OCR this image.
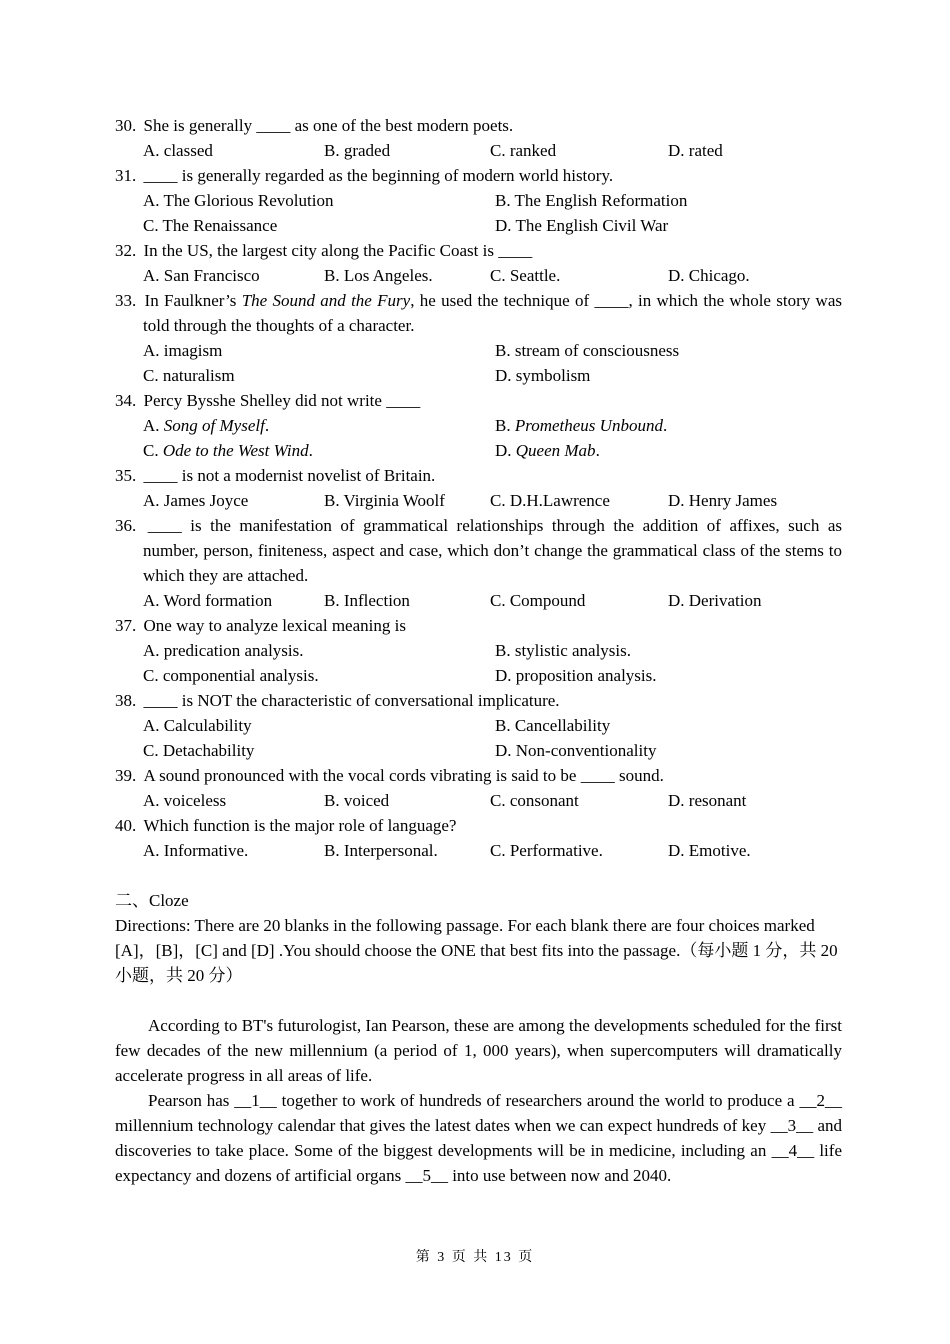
30. She is generally ____ as one of the best modern poets.
A. classed	B. graded	C. ranked	D. rated
31. ____ is generally regarded as the beginning of modern world history.
A. The Glorious Revolution	B. The English Reformation
C. The Renaissance	D. The English Civil War
32. In the US, the largest city along the Pacific Coast is ____
A. San Francisco	B. Los Angeles.	C. Seattle.	D. Chicago.
33. In Faulkner’s The Sound and the Fury, he used the technique of ____, in which the whole story was told through the thoughts of a character.
A. imagism	B. stream of consciousness
C. naturalism	D. symbolism
34. Percy Bysshe Shelley did not write ____
A. Song of Myself.	B. Prometheus Unbound.
C. Ode to the West Wind.	D. Queen Mab.
35. ____ is not a modernist novelist of Britain.
A. James Joyce	B. Virginia Woolf	C. D.H.Lawrence	D. Henry James
36. ____ is the manifestation of grammatical relationships through the addition of affixes, such as number, person, finiteness, aspect and case, which don’t change the grammatical class of the stems to which they are attached.
A. Word formation	B. Inflection	C. Compound	D. Derivation
37. One way to analyze lexical meaning is
A. predication analysis.	B. stylistic analysis.
C. componential analysis.	D. proposition analysis.
38. ____ is NOT the characteristic of conversational implicature.
A. Calculability	B. Cancellability
C. Detachability	D. Non-conventionality
39. A sound pronounced with the vocal cords vibrating is said to be ____ sound.
A. voiceless	B. voiced	C. consonant	D. resonant
40. Which function is the major role of language?
A. Informative.	B. Interpersonal.	C. Performative.	D. Emotive.
二、Cloze
Directions: There are 20 blanks in the following passage. For each blank there are four choices marked [A]，[B]，[C] and [D] .You should choose the ONE that best fits into the passage.（每小题 1 分，共 20 小题，共 20 分）

According to BT's futurologist, Ian Pearson, these are among the developments scheduled for the first few decades of the new millennium (a period of 1, 000 years), when supercomputers will dramatically accelerate progress in all areas of life.

Pearson has __1__ together to work of hundreds of researchers around the world to produce a __2__ millennium technology calendar that gives the latest dates when we can expect hundreds of key __3__ and discoveries to take place. Some of the biggest developments will be in medicine, including an __4__ life expectancy and dozens of artificial organs __5__ into use between now and 2040.

第 3 页 共 13 页
